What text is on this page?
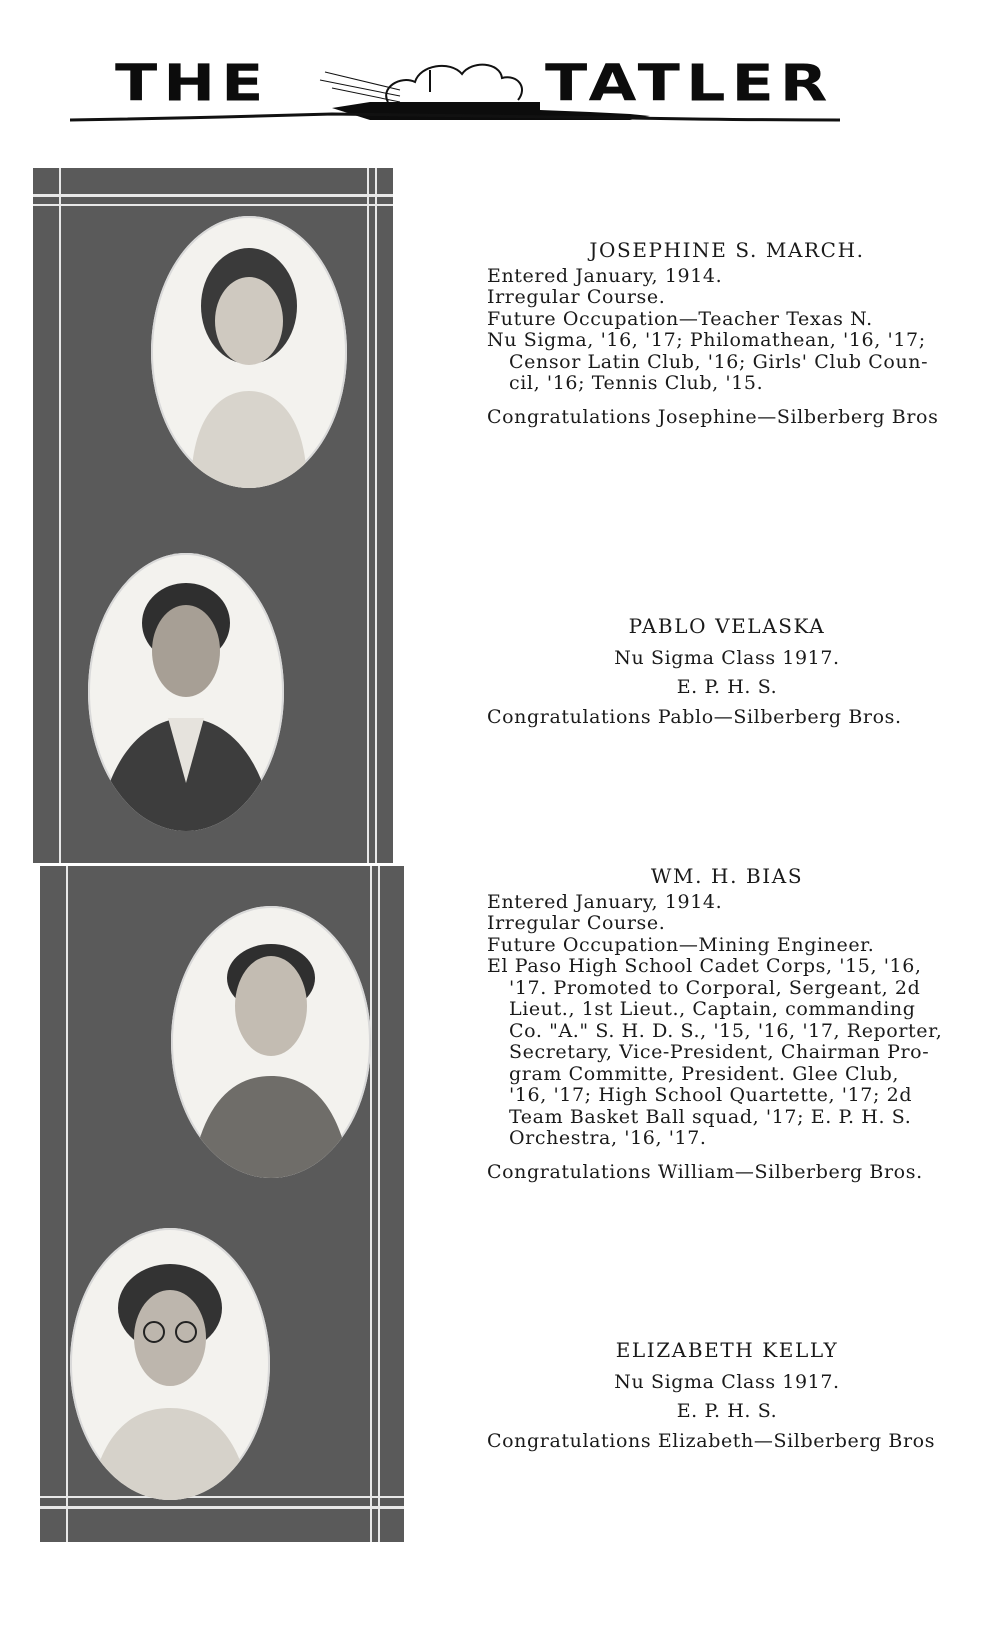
THE	TATLER
JOSEPHINE S. MARCH.
Entered January, 1914.
Irregular Course.
Future Occupation—Teacher Texas N.
Nu Sigma, '16, '17; Philomathean, '16, '17;
Censor Latin Club, '16; Girls' Club Coun-
cil, '16; Tennis Club, '15.
Congratulations Josephine—Silberberg Bros
PABLO VELASKA
Nu Sigma Class 1917.
E. P. H. S.
Congratulations Pablo—Silberberg Bros.
WM. H. BIAS
Entered January, 1914.
Irregular Course.
Future Occupation—Mining Engineer.
El Paso High School Cadet Corps, '15, '16,
'17. Promoted to Corporal, Sergeant, 2d
Lieut., 1st Lieut., Captain, commanding
Co. "A." S. H. D. S., '15, '16, '17, Reporter,
Secretary, Vice-President, Chairman Pro-
gram Committe, President. Glee Club,
'16, '17; High School Quartette, '17; 2d
Team Basket Ball squad, '17; E. P. H. S.
Orchestra, '16, '17.
Congratulations William—Silberberg Bros.
ELIZABETH KELLY
Nu Sigma Class 1917.
E. P. H. S.
Congratulations Elizabeth—Silberberg Bros
